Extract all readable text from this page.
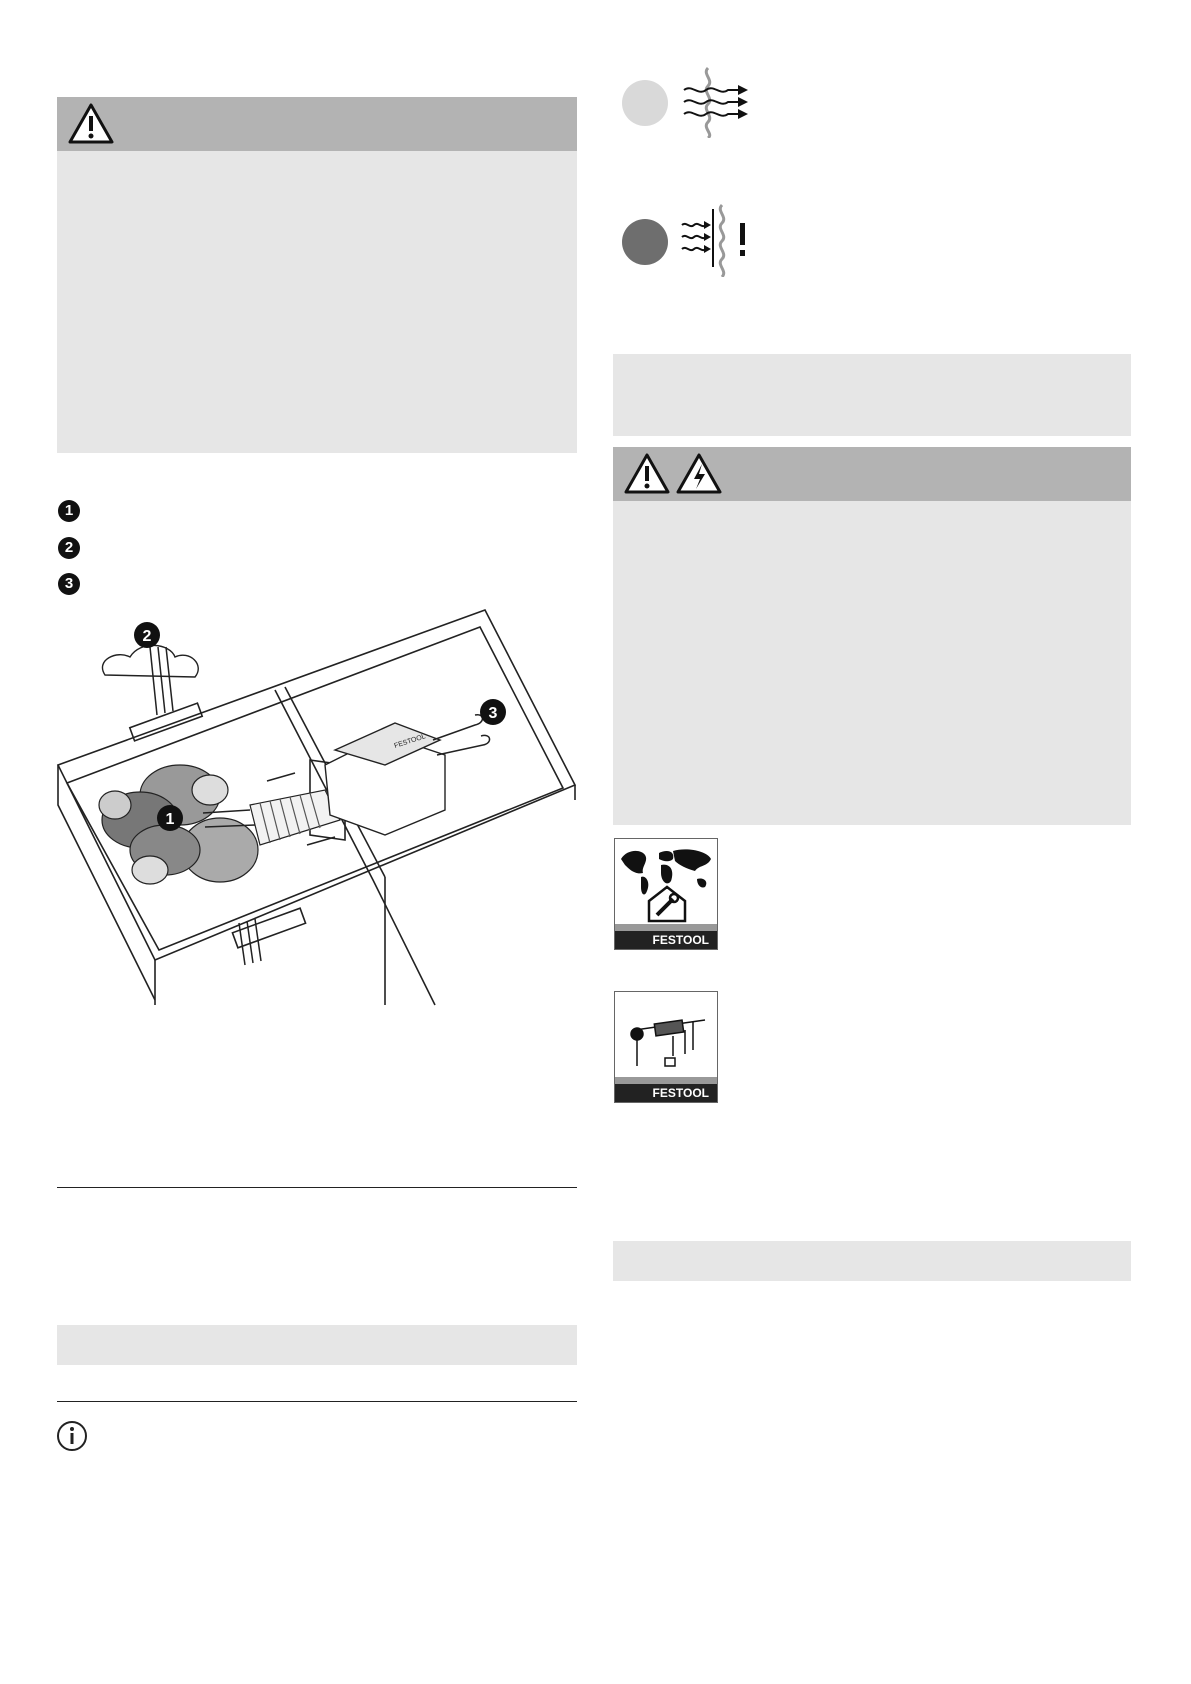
1
2
3
FESTOOL
2
1
3
FESTOOL
FESTOOL
